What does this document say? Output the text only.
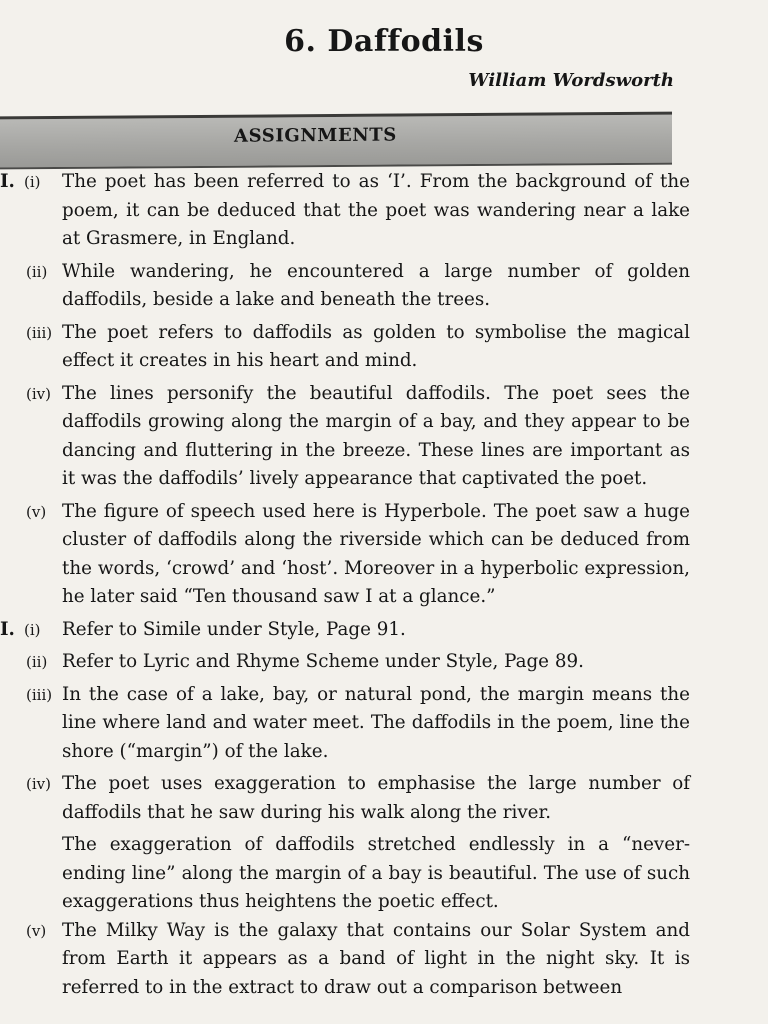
6. Daffodils
William Wordsworth
ASSIGNMENTS
I. (i) The poet has been referred to as ‘I’. From the background of the poem, it can be deduced that the poet was wandering near a lake at Grasmere, in England.
(ii) While wandering, he encountered a large number of golden daffodils, beside a lake and beneath the trees.
(iii) The poet refers to daffodils as golden to symbolise the magical effect it creates in his heart and mind.
(iv) The lines personify the beautiful daffodils. The poet sees the daffodils growing along the margin of a bay, and they appear to be dancing and fluttering in the breeze. These lines are important as it was the daffodils’ lively appearance that captivated the poet.
(v) The figure of speech used here is Hyperbole. The poet saw a huge cluster of daffodils along the riverside which can be deduced from the words, ‘crowd’ and ‘host’. Moreover in a hyperbolic expression, he later said “Ten thousand saw I at a glance.”
I. (i) Refer to Simile under Style, Page 91.
(ii) Refer to Lyric and Rhyme Scheme under Style, Page 89.
(iii) In the case of a lake, bay, or natural pond, the margin means the line where land and water meet. The daffodils in the poem, line the shore (“margin”) of the lake.
(iv) The poet uses exaggeration to emphasise the large number of daffodils that he saw during his walk along the river.
The exaggeration of daffodils stretched endlessly in a “never-ending line” along the margin of a bay is beautiful. The use of such exaggerations thus heightens the poetic effect.
(v) The Milky Way is the galaxy that contains our Solar System and from Earth it appears as a band of light in the night sky. It is referred to in the extract to draw out a comparison between
